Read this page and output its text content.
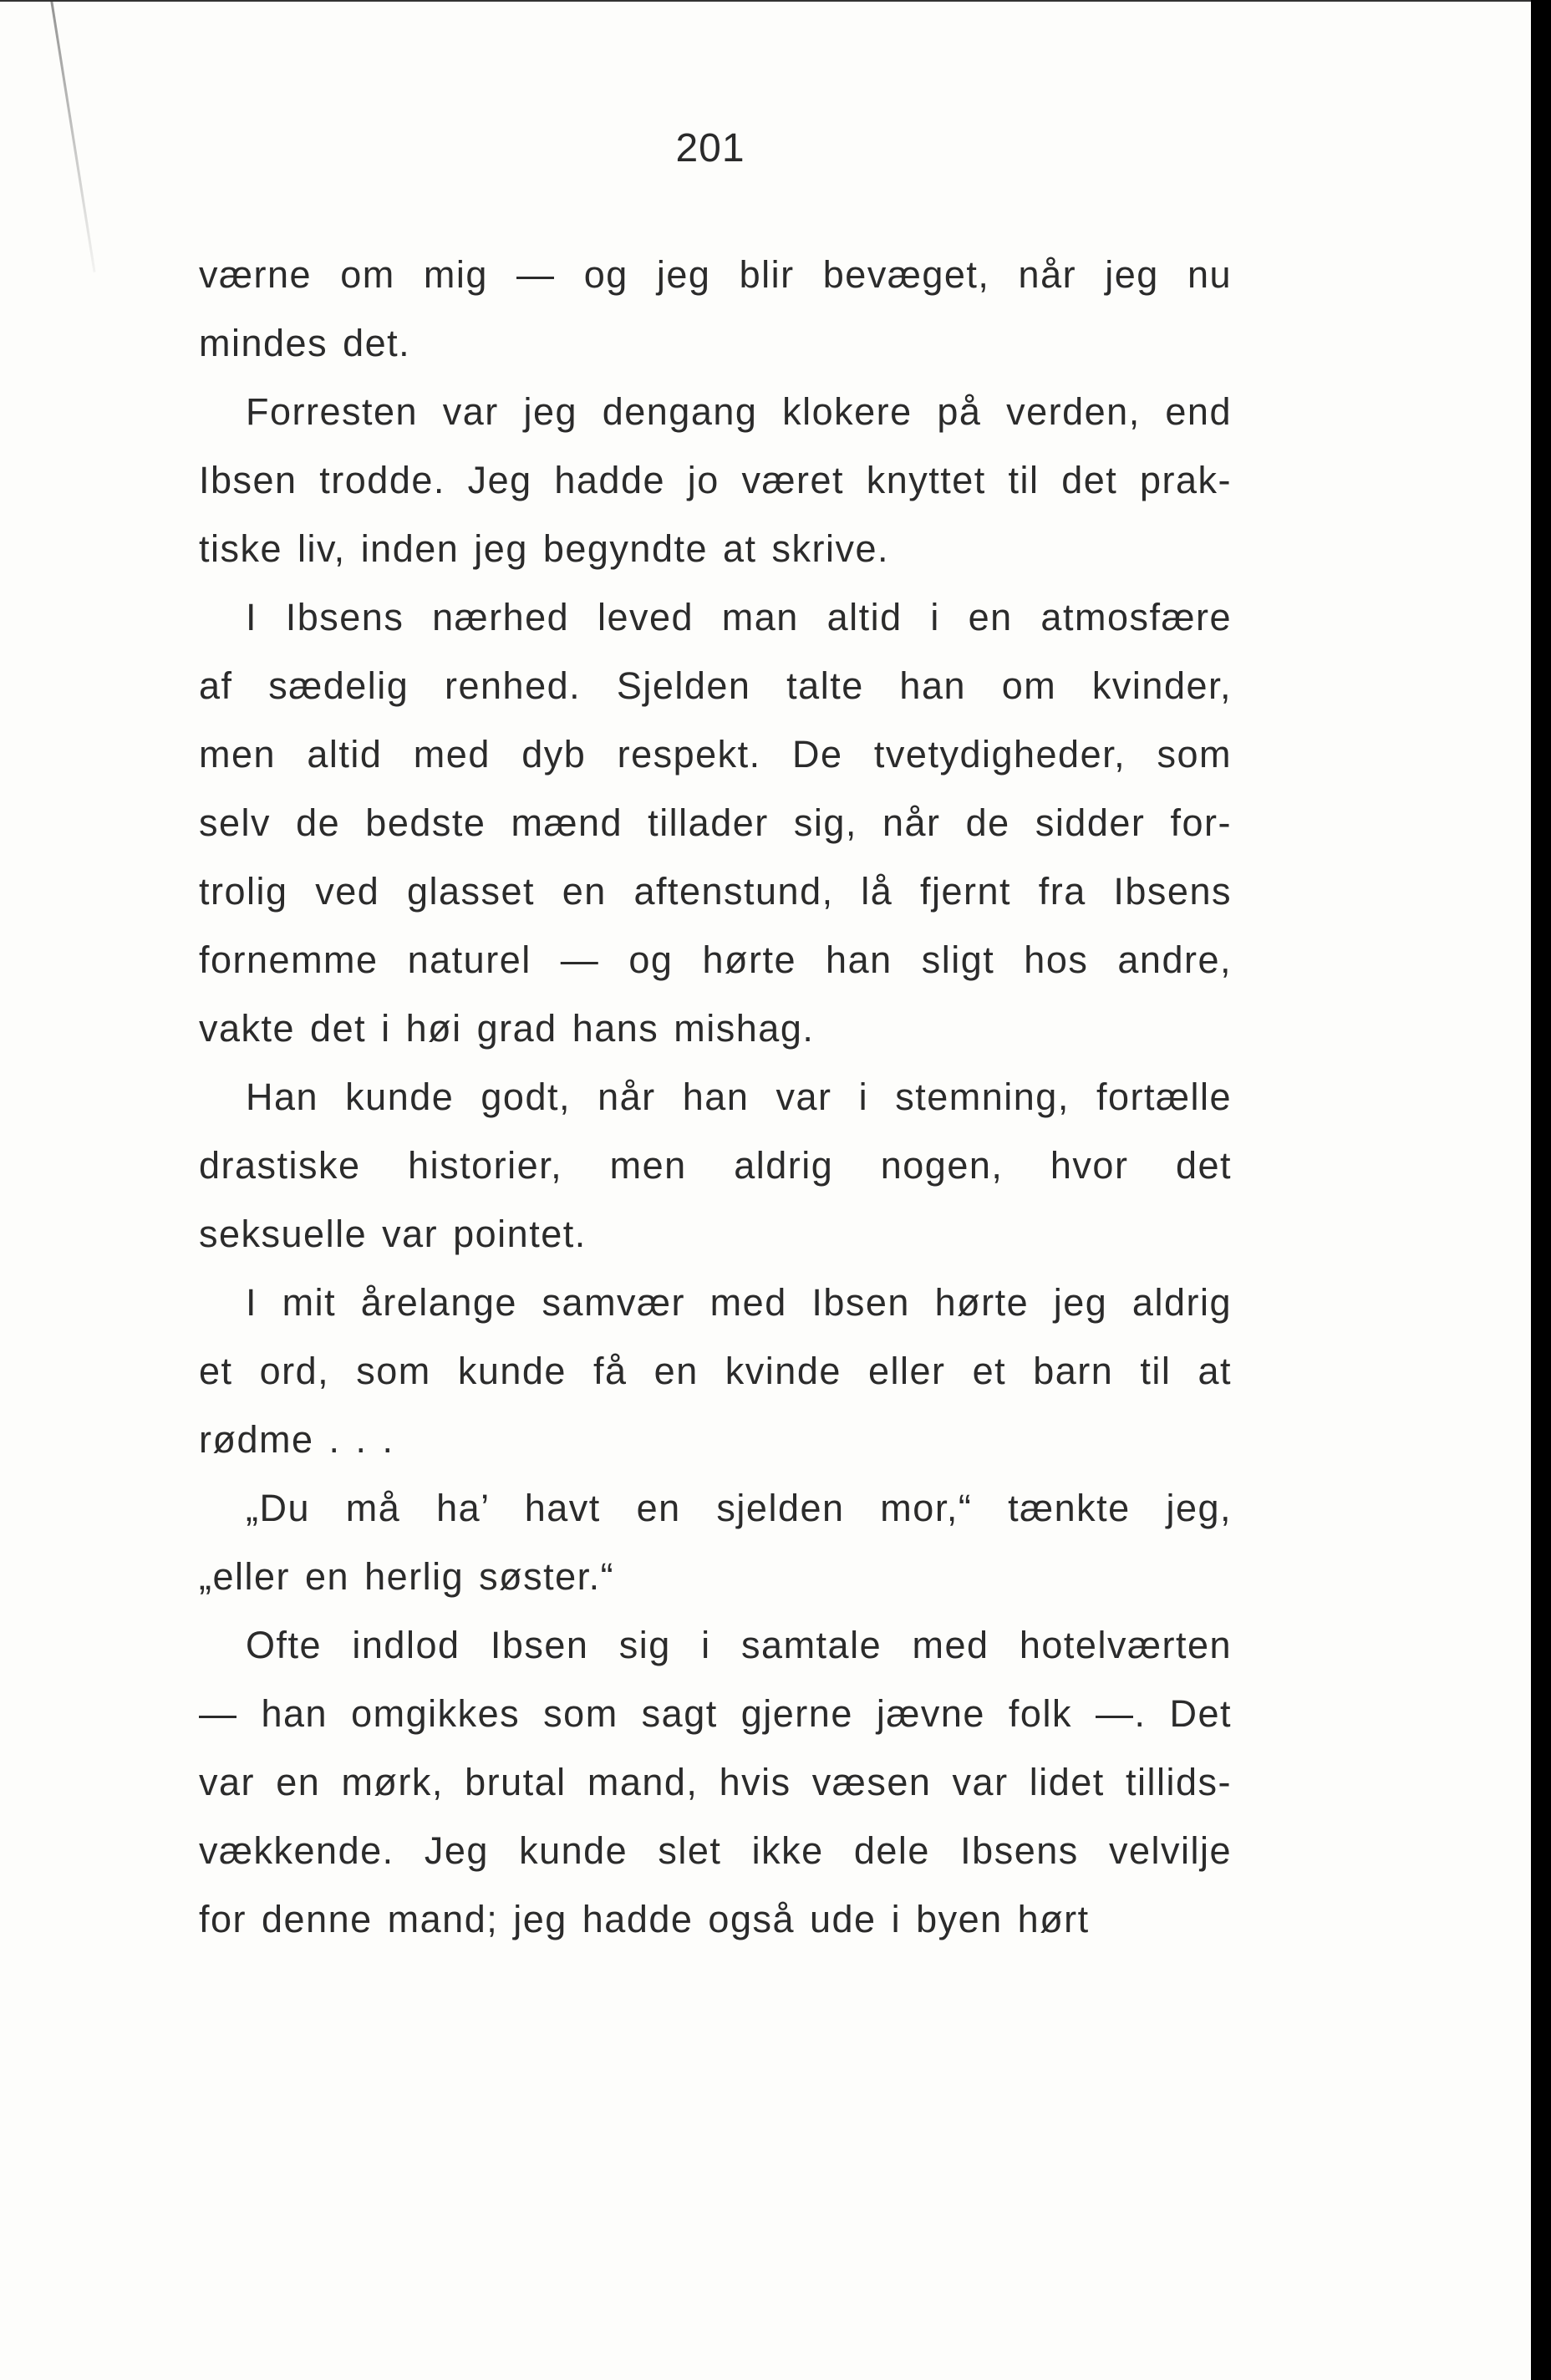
201

værne om mig — og jeg blir bevæget, når jeg nu
mindes det.

Forresten var jeg dengang klokere på verden, end
Ibsen trodde. Jeg hadde jo været knyttet til det prak-
tiske liv, inden jeg begyndte at skrive.

I Ibsens nærhed leved man altid i en atmosfære
af sædelig renhed. Sjelden talte han om kvinder,
men altid med dyb respekt. De tvetydigheder, som
selv de bedste mænd tillader sig, når de sidder for-
trolig ved glasset en aftenstund, lå fjernt fra Ibsens
fornemme naturel — og hørte han sligt hos andre,
vakte det i høi grad hans mishag.

Han kunde godt, når han var i stemning, fortælle
drastiske historier, men aldrig nogen, hvor det
seksuelle var pointet.

I mit årelange samvær med Ibsen hørte jeg aldrig
et ord, som kunde få en kvinde eller et barn til at
rødme . . .

„Du må ha’ havt en sjelden mor,“ tænkte jeg,
„eller en herlig søster.“

Ofte indlod Ibsen sig i samtale med hotelværten
— han omgikkes som sagt gjerne jævne folk —. Det
var en mørk, brutal mand, hvis væsen var lidet tillids-
vækkende. Jeg kunde slet ikke dele Ibsens velvilje
for denne mand; jeg hadde også ude i byen hørt
